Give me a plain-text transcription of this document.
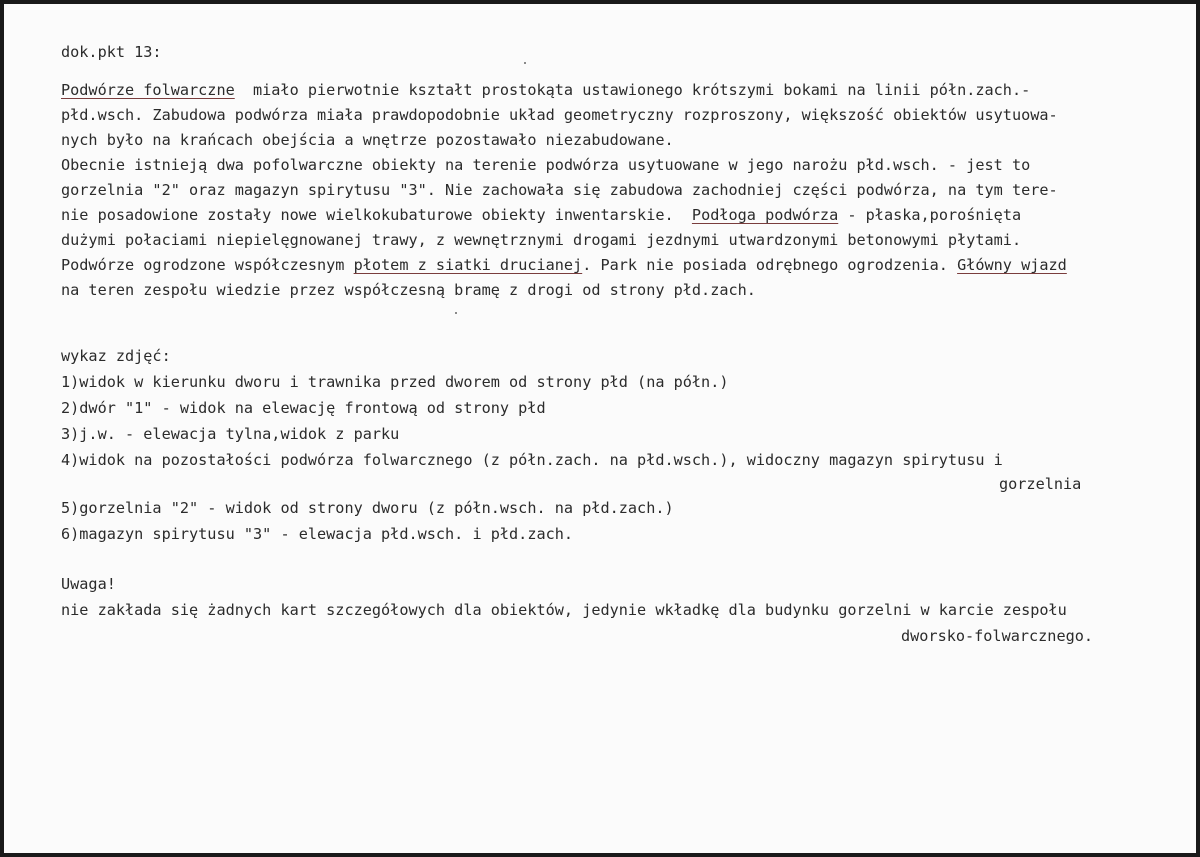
dok.pkt 13:
Podwórze folwarczne  miało pierwotnie kształt prostokąta ustawionego krótszymi bokami na linii półn.zach.-
płd.wsch. Zabudowa podwórza miała prawdopodobnie układ geometryczny rozproszony, większość obiektów usytuowa-
nych było na krańcach obejścia a wnętrze pozostawało niezabudowane.
Obecnie istnieją dwa pofolwarczne obiekty na terenie podwórza usytuowane w jego narożu płd.wsch. - jest to
gorzelnia "2" oraz magazyn spirytusu "3". Nie zachowała się zabudowa zachodniej części podwórza, na tym tere-
nie posadowione zostały nowe wielkokubaturowe obiekty inwentarskie.  Podłoga podwórza - płaska,porośnięta
dużymi połaciami niepielęgnowanej trawy, z wewnętrznymi drogami jezdnymi utwardzonymi betonowymi płytami.
Podwórze ogrodzone współczesnym płotem z siatki drucianej. Park nie posiada odrębnego ogrodzenia. Główny wjazd
na teren zespołu wiedzie przez współczesną bramę z drogi od strony płd.zach.
wykaz zdjęć:
1)widok w kierunku dworu i trawnika przed dworem od strony płd (na półn.)
2)dwór "1" - widok na elewację frontową od strony płd
3)j.w. - elewacja tylna,widok z parku
4)widok na pozostałości podwórza folwarcznego (z półn.zach. na płd.wsch.), widoczny magazyn spirytusu i
gorzelnia
5)gorzelnia "2" - widok od strony dworu (z półn.wsch. na płd.zach.)
6)magazyn spirytusu "3" - elewacja płd.wsch. i płd.zach.
Uwaga!
nie zakłada się żadnych kart szczegółowych dla obiektów, jedynie wkładkę dla budynku gorzelni w karcie zespołu
dworsko-folwarcznego.
